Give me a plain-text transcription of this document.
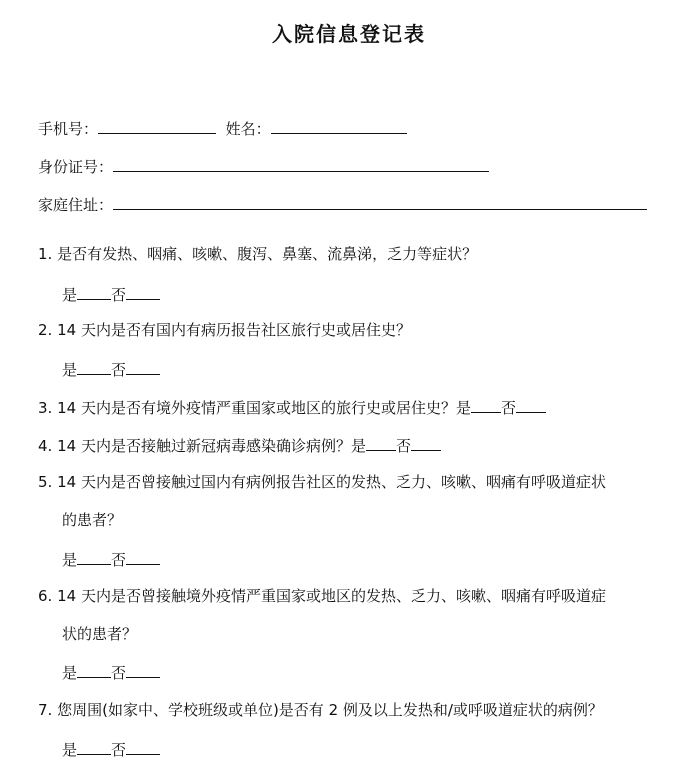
入院信息登记表
手机号：	姓名：
身份证号：
家庭住址：
1. 是否有发热、咽痛、咳嗽、腹泻、鼻塞、流鼻涕，乏力等症状？
是 否
2. 14 天内是否有国内有病历报告社区旅行史或居住史？
是 否
3. 14 天内是否有境外疫情严重国家或地区的旅行史或居住史？是 否
4. 14 天内是否接触过新冠病毒感染确诊病例？是 否
5. 14 天内是否曾接触过国内有病例报告社区的发热、乏力、咳嗽、咽痛有呼吸道症状
的患者？
是 否
6. 14 天内是否曾接触境外疫情严重国家或地区的发热、乏力、咳嗽、咽痛有呼吸道症
状的患者？
是 否
7. 您周围(如家中、学校班级或单位)是否有 2 例及以上发热和/或呼吸道症状的病例？
是 否
